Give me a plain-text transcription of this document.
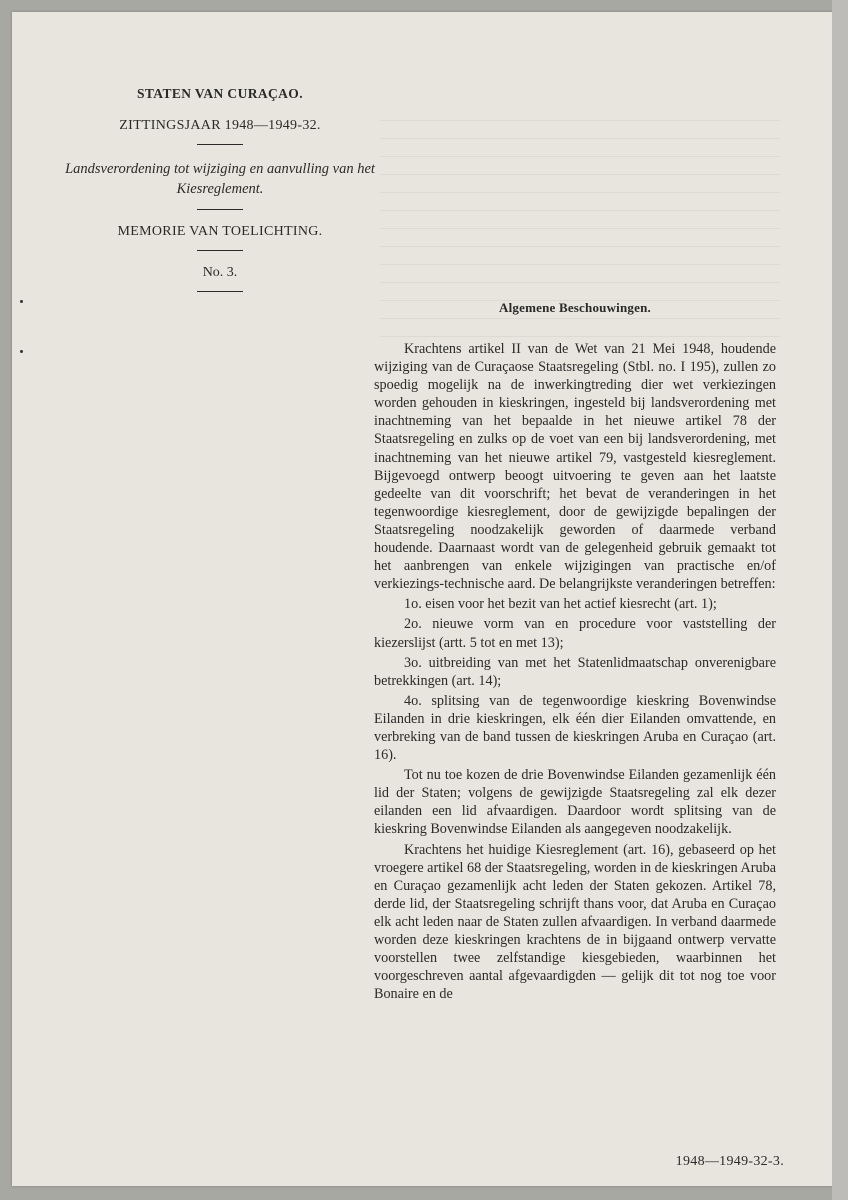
STATEN VAN CURAÇAO.
ZITTINGSJAAR 1948—1949-32.
Landsverordening tot wijziging en aanvulling van het Kiesreglement.
MEMORIE VAN TOELICHTING.
No. 3.
Algemene Beschouwingen.

Krachtens artikel II van de Wet van 21 Mei 1948, houdende wijziging van de Curaçaose Staatsregeling (Stbl. no. I 195), zullen zo spoedig mogelijk na de inwerkingtreding dier wet verkiezingen worden gehouden in kieskringen, ingesteld bij landsverordening met inachtneming van het bepaalde in het nieuwe artikel 78 der Staatsregeling en zulks op de voet van een bij landsverordening, met inachtneming van het nieuwe artikel 79, vastgesteld kiesreglement. Bijgevoegd ontwerp beoogt uitvoering te geven aan het laatste gedeelte van dit voorschrift; het bevat de veranderingen in het tegenwoordige kiesreglement, door de gewijzigde bepalingen der Staatsregeling noodzakelijk geworden of daarmede verband houdende. Daarnaast wordt van de gelegenheid gebruik gemaakt tot het aanbrengen van enkele wijzigingen van practische en/of verkiezings-technische aard. De belangrijkste veranderingen betreffen:

1o. eisen voor het bezit van het actief kiesrecht (art. 1);

2o. nieuwe vorm van en procedure voor vaststelling der kiezerslijst (artt. 5 tot en met 13);

3o. uitbreiding van met het Statenlidmaatschap onverenigbare betrekkingen (art. 14);

4o. splitsing van de tegenwoordige kieskring Bovenwindse Eilanden in drie kieskringen, elk één dier Eilanden omvattende, en verbreking van de band tussen de kieskringen Aruba en Curaçao (art. 16).

Tot nu toe kozen de drie Bovenwindse Eilanden gezamenlijk één lid der Staten; volgens de gewijzigde Staatsregeling zal elk dezer eilanden een lid afvaardigen. Daardoor wordt splitsing van de kieskring Bovenwindse Eilanden als aangegeven noodzakelijk.

Krachtens het huidige Kiesreglement (art. 16), gebaseerd op het vroegere artikel 68 der Staatsregeling, worden in de kieskringen Aruba en Curaçao gezamenlijk acht leden der Staten gekozen. Artikel 78, derde lid, der Staatsregeling schrijft thans voor, dat Aruba en Curaçao elk acht leden naar de Staten zullen afvaardigen. In verband daarmede worden deze kieskringen krachtens de in bijgaand ontwerp vervatte voorstellen twee zelfstandige kiesgebieden, waarbinnen het voorgeschreven aantal afgevaardigden — gelijk dit tot nog toe voor Bonaire en de

1948—1949-32-3.
